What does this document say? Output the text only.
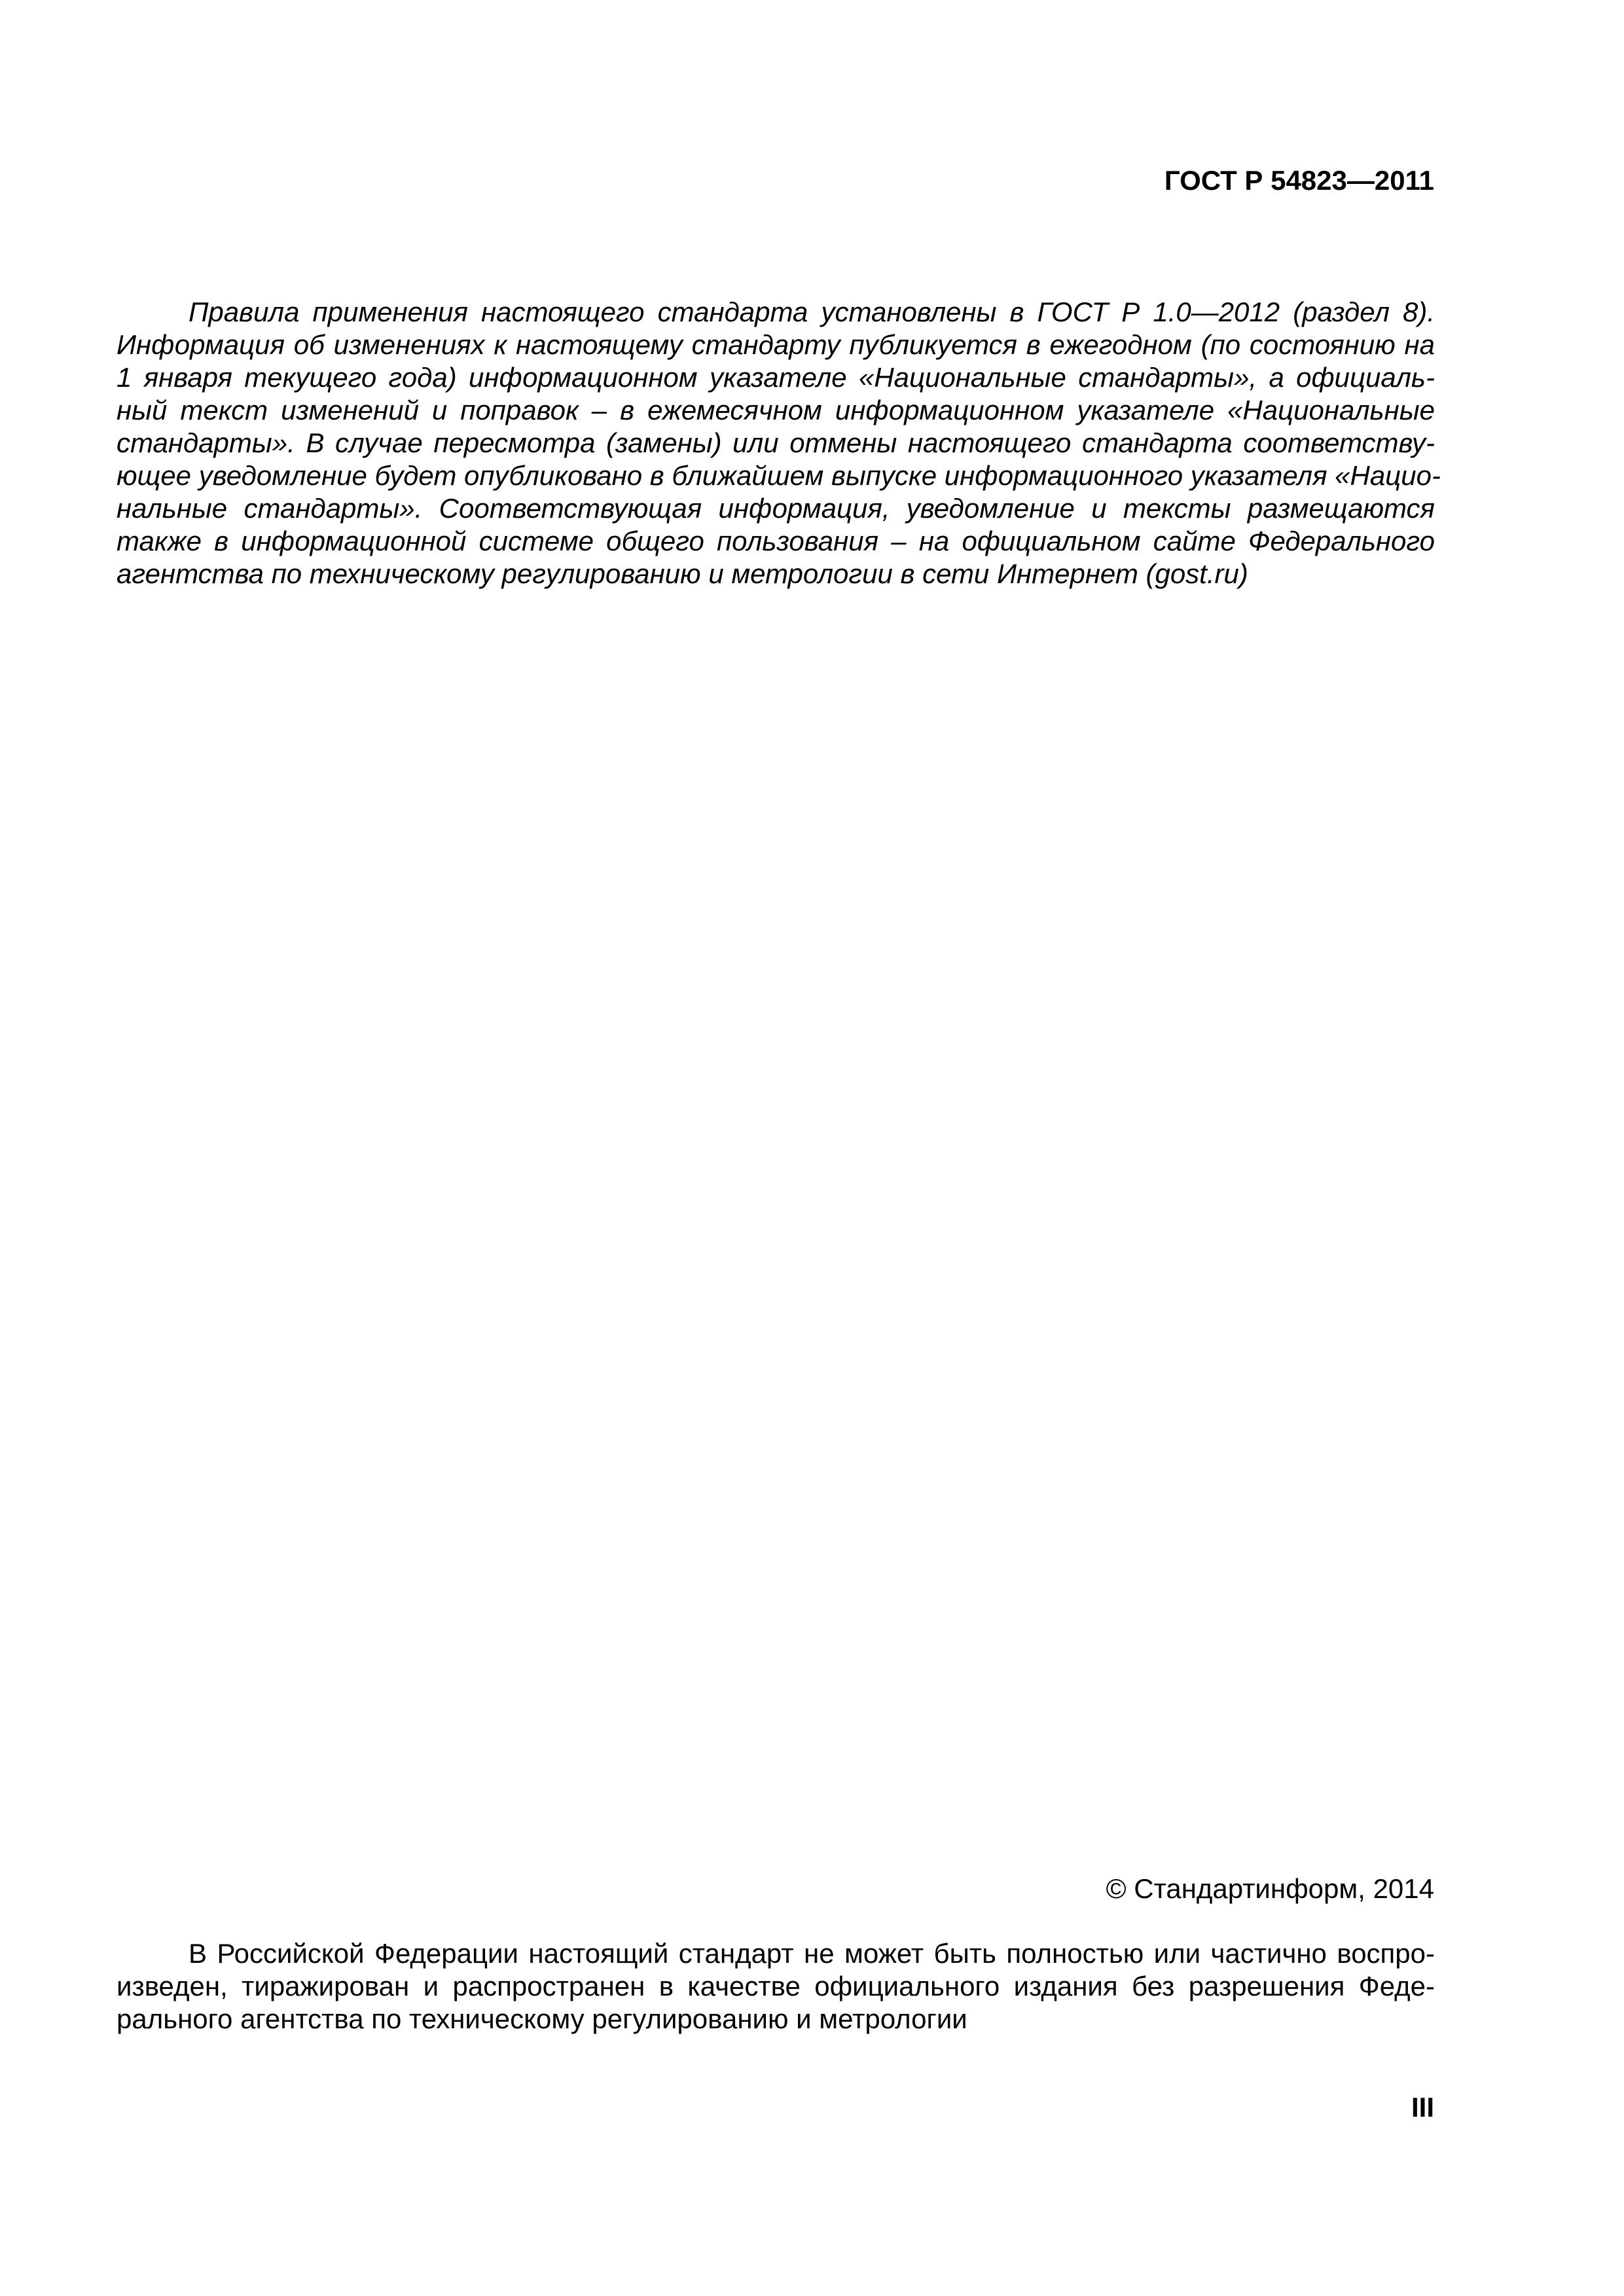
ГОСТ Р 54823—2011
Правила применения настоящего стандарта установлены в ГОСТ Р 1.0—2012 (раздел 8).
Информация об изменениях к настоящему стандарту публикуется в ежегодном (по состоянию на
1 января текущего года) информационном указателе «Национальные стандарты», а официаль-
ный текст изменений и поправок – в ежемесячном информационном указателе «Национальные
стандарты». В случае пересмотра (замены) или отмены настоящего стандарта соответству-
ющее уведомление будет опубликовано в ближайшем выпуске информационного указателя «Нацио-
нальные стандарты». Соответствующая информация, уведомление и тексты размещаются
также в информационной системе общего пользования – на официальном сайте Федерального
агентства по техническому регулированию и метрологии в сети Интернет (gost.ru)
© Стандартинформ, 2014
В Российской Федерации настоящий стандарт не может быть полностью или частично воспро-
изведен, тиражирован и распространен в качестве официального издания без разрешения Феде-
рального агентства по техническому регулированию и метрологии
III
